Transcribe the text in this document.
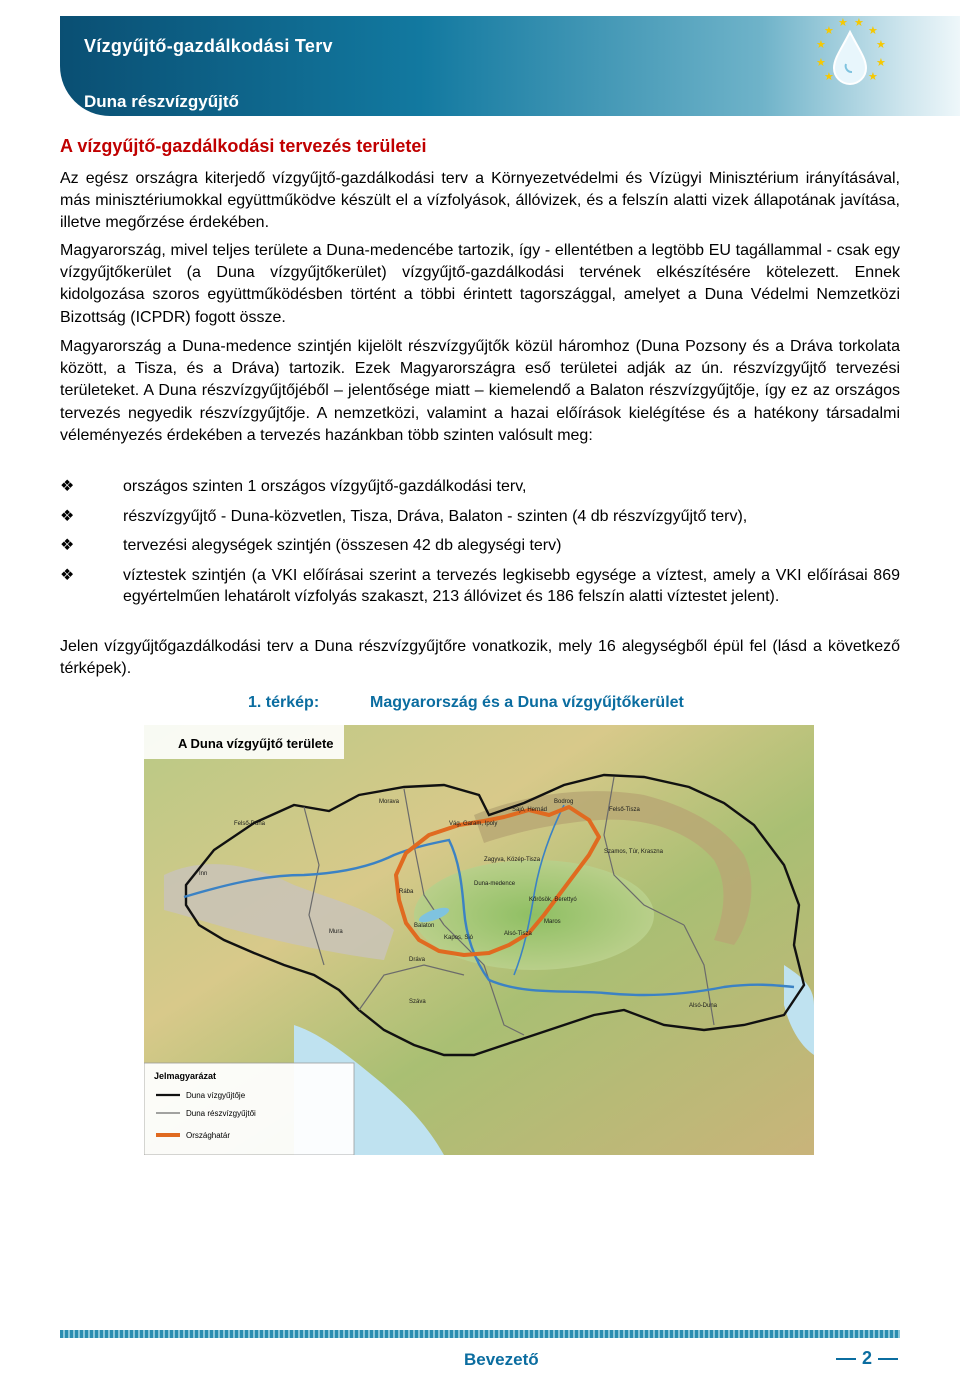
Vízgyűjtő-gazdálkodási Terv
Duna részvízgyűjtő
★
★
★ ★
★
★
★
★
★
★
A vízgyűjtő-gazdálkodási tervezés területei

Az egész országra kiterjedő vízgyűjtő-gazdálkodási terv a Környezetvédelmi és Vízügyi Minisztérium irányításával, más minisztériumokkal együttműködve készült el a vízfolyások, állóvizek, és a felszín alatti vizek állapotának javítása, illetve megőrzése érdekében.

Magyarország, mivel teljes területe a Duna-medencébe tartozik, így - ellentétben a legtöbb EU tagállammal - csak egy vízgyűjtőkerület (a Duna vízgyűjtőkerület) vízgyűjtő-gazdálkodási tervének elkészítésére kötelezett. Ennek kidolgozása szoros együttműködésben történt a többi érintett tagországgal, amelyet a Duna Védelmi Nemzetközi Bizottság (ICPDR) fogott össze.

Magyarország a Duna-medence szintjén kijelölt részvízgyűjtők közül háromhoz (Duna Pozsony és a Dráva torkolata között, a Tisza, és a Dráva) tartozik. Ezek Magyarországra eső területei adják az ún. részvízgyűjtő tervezési területeket. A Duna részvízgyűjtőjéből – jelentősége miatt – kiemelendő a Balaton részvízgyűjtője, így ez az országos tervezés negyedik részvízgyűjtője. A nemzetközi, valamint a hazai előírások kielégítése és a hatékony társadalmi véleményezés érdekében a tervezés hazánkban több szinten valósult meg:

❖	országos szinten 1 országos vízgyűjtő-gazdálkodási terv,
❖	részvízgyűjtő - Duna-közvetlen, Tisza, Dráva, Balaton - szinten (4 db részvízgyűjtő terv),
❖	tervezési alegységek szintjén (összesen 42 db alegységi terv)
❖	víztestek szintjén (a VKI előírásai szerint a tervezés legkisebb egysége a víztest, amely a VKI előírásai 869 egyértelműen lehatárolt vízfolyás szakaszt, 213 állóvizet és 186 felszín alatti víztestet jelent).

Jelen vízgyűjtőgazdálkodási terv a Duna részvízgyűjtőre vonatkozik, mely 16 alegységből épül fel (lásd a következő térképek).

1. térkép:	Magyarország és a Duna vízgyűjtőkerület
A Duna vízgyűjtő területe
Morava
Felső-Duna
Bodrog
Felső-Tisza
Sajó, Hernád
Vág, Garam, Ipoly
Zagyva, Közép-Tisza
Szamos, Túr, Kraszna
Duna-medence
Kőrösök, Berettyó
Maros
Alsó-Tisza
Rába
Balaton
Kapos, Sió
Dráva
Száva
Mura
Inn
Alsó-Duna
Jelmagyarázat
Duna vízgyűjtője
Duna részvízgyűjtői
Országhatár
Bevezető	2
